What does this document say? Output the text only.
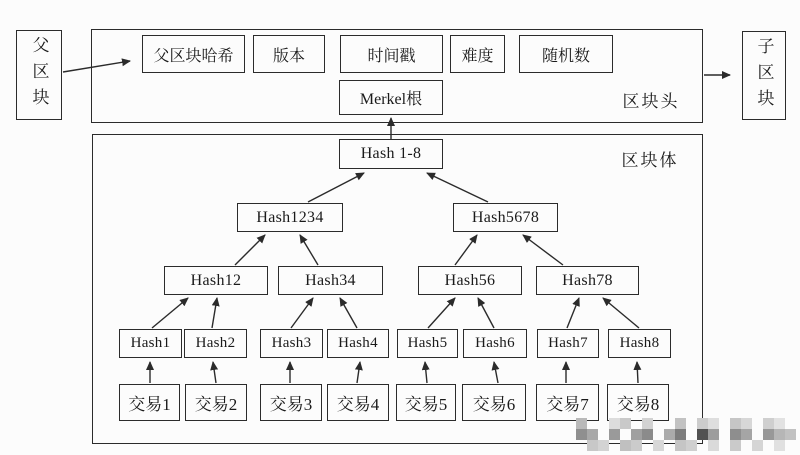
父区块	子区块
区块头
父区块哈希	版本	时间戳	难度	随机数
Merkel根
区块体
Hash 1-8
Hash1234	Hash5678
Hash12	Hash34	Hash56	Hash78
Hash1	Hash2	Hash3	Hash4	Hash5	Hash6	Hash7	Hash8
交易1	交易2	交易3	交易4	交易5	交易6	交易7	交易8
